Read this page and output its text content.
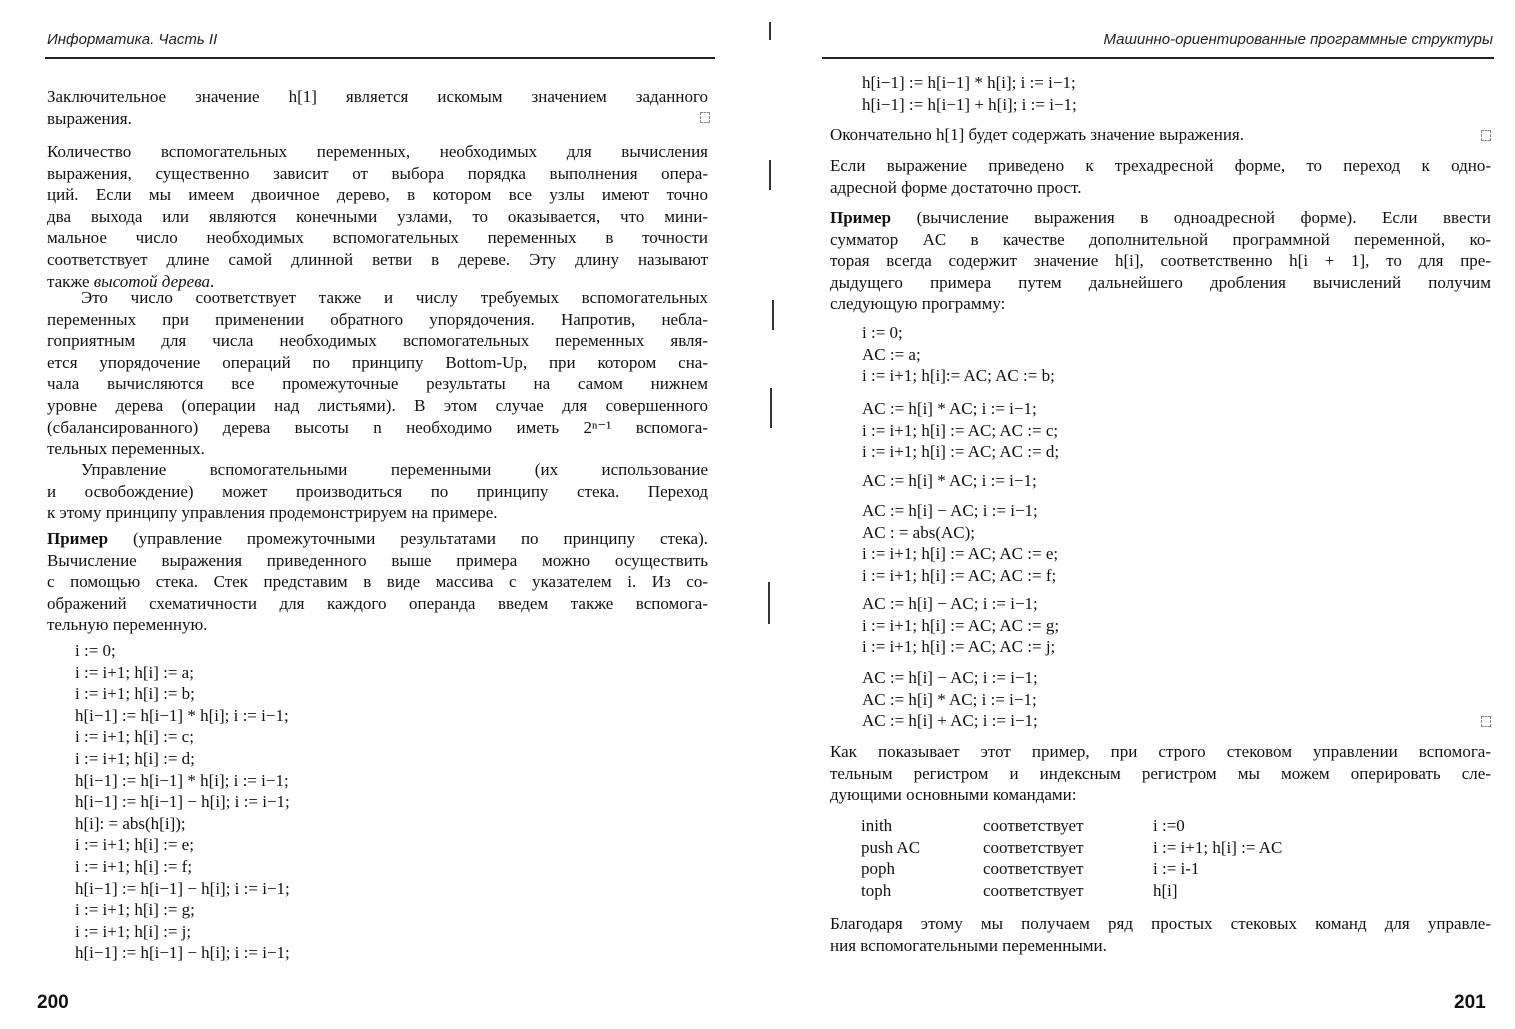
Информатика. Часть II	Машинно-ориентированные программные структуры
200	201
Заключительное значение h[1] является искомым значением заданного
выражения.
Количество вспомогательных переменных, необходимых для вычисления
выражения, существенно зависит от выбора порядка выполнения опера-
ций. Если мы имеем двоичное дерево, в котором все узлы имеют точно
два выхода или являются конечными узлами, то оказывается, что мини-
мальное число необходимых вспомогательных переменных в точности
соответствует длине самой длинной ветви в дереве. Эту длину называют
также высотой дерева.
Это число соответствует также и числу требуемых вспомогательных
переменных при применении обратного упорядочения. Напротив, небла-
гоприятным для числа необходимых вспомогательных переменных явля-
ется упорядочение операций по принципу Bottom-Up, при котором сна-
чала вычисляются все промежуточные результаты на самом нижнем
уровне дерева (операции над листьями). В этом случае для совершенного
(сбалансированного) дерева высоты n необходимо иметь 2ⁿ⁻¹ вспомога-
тельных переменных.
Управление вспомогательными переменными (их использование
и освобождение) может производиться по принципу стека. Переход
к этому принципу управления продемонстрируем на примере.
Пример (управление промежуточными результатами по принципу стека).
Вычисление выражения приведенного выше примера можно осуществить
с помощью стека. Стек представим в виде массива с указателем i. Из со-
ображений схематичности для каждого операнда введем также вспомога-
тельную переменную.
i := 0;
i := i+1; h[i] := a;
i := i+1; h[i] := b;
h[i−1] := h[i−1] * h[i]; i := i−1;
i := i+1; h[i] := c;
i := i+1; h[i] := d;
h[i−1] := h[i−1] * h[i]; i := i−1;
h[i−1] := h[i−1] − h[i]; i := i−1;
h[i]: = abs(h[i]);
i := i+1; h[i] := e;
i := i+1; h[i] := f;
h[i−1] := h[i−1] − h[i]; i := i−1;
i := i+1; h[i] := g;
i := i+1; h[i] := j;
h[i−1] := h[i−1] − h[i]; i := i−1;
h[i−1] := h[i−1] * h[i]; i := i−1;
h[i−1] := h[i−1] + h[i]; i := i−1;
Окончательно h[1] будет содержать значение выражения.
Если выражение приведено к трехадресной форме, то переход к одно-
адресной форме достаточно прост.
Пример (вычисление выражения в одноадресной форме). Если ввести
сумматор AC в качестве дополнительной программной переменной, ко-
торая всегда содержит значение h[i], соответственно h[i + 1], то для пре-
дыдущего примера путем дальнейшего дробления вычислений получим
следующую программу:
i := 0;
AC := a;
i := i+1; h[i]:= AC; AC := b;
AC := h[i] * AC; i := i−1;
i := i+1; h[i] := AC; AC := c;
i := i+1; h[i] := AC; AC := d;
AC := h[i] * AC; i := i−1;
AC := h[i] − AC; i := i−1;
AC : = abs(AC);
i := i+1; h[i] := AC; AC := e;
i := i+1; h[i] := AC; AC := f;
AC := h[i] − AC; i := i−1;
i := i+1; h[i] := AC; AC := g;
i := i+1; h[i] := AC; AC := j;
AC := h[i] − AC; i := i−1;
AC := h[i] * AC; i := i−1;
AC := h[i] + AC; i := i−1;
Как показывает этот пример, при строго стековом управлении вспомога-
тельным регистром и индексным регистром мы можем оперировать сле-
дующими основными командами:
inith	соответствует	i :=0
push AC	соответствует	i := i+1; h[i] := AC
poph	соответствует	i := i-1
toph	соответствует	h[i]
Благодаря этому мы получаем ряд простых стековых команд для управле-
ния вспомогательными переменными.
